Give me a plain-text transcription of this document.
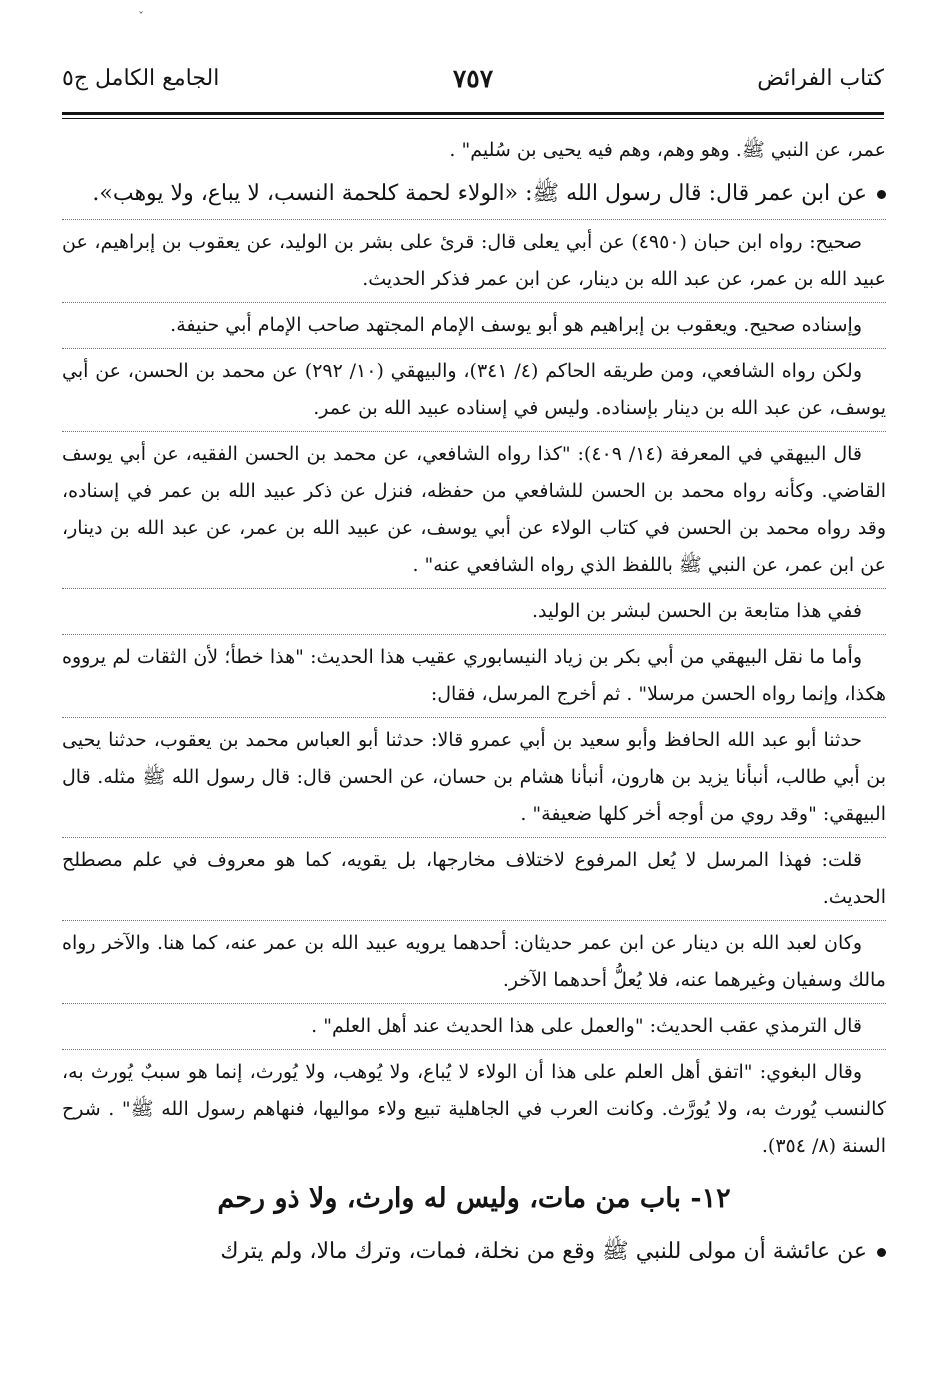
ˇ
كتاب الفرائض
٧٥٧
الجامع الكامل ج٥

عمر، عن النبي ﷺ. وهو وهم، وهم فيه يحيى بن سُليم" .

عن ابن عمر قال: قال رسول الله ﷺ: «الولاء لحمة كلحمة النسب، لا يباع، ولا يوهب».

صحيح: رواه ابن حبان (٤٩٥٠) عن أبي يعلى قال: قرئ على بشر بن الوليد، عن يعقوب بن إبراهيم، عن عبيد الله بن عمر، عن عبد الله بن دينار، عن ابن عمر فذكر الحديث.

وإسناده صحيح. ويعقوب بن إبراهيم هو أبو يوسف الإمام المجتهد صاحب الإمام أبي حنيفة.

ولكن رواه الشافعي، ومن طريقه الحاكم (٤/ ٣٤١)، والبيهقي (١٠/ ٢٩٢) عن محمد بن الحسن، عن أبي يوسف، عن عبد الله بن دينار بإسناده. وليس في إسناده عبيد الله بن عمر.

قال البيهقي في المعرفة (١٤/ ٤٠٩): "كذا رواه الشافعي، عن محمد بن الحسن الفقيه، عن أبي يوسف القاضي. وكأنه رواه محمد بن الحسن للشافعي من حفظه، فنزل عن ذكر عبيد الله بن عمر في إسناده، وقد رواه محمد بن الحسن في كتاب الولاء عن أبي يوسف، عن عبيد الله بن عمر، عن عبد الله بن دينار، عن ابن عمر، عن النبي ﷺ باللفظ الذي رواه الشافعي عنه" .

ففي هذا متابعة بن الحسن لبشر بن الوليد.

وأما ما نقل البيهقي من أبي بكر بن زياد النيسابوري عقيب هذا الحديث: "هذا خطأ؛ لأن الثقات لم يرووه هكذا، وإنما رواه الحسن مرسلا" . ثم أخرج المرسل، فقال:

حدثنا أبو عبد الله الحافظ وأبو سعيد بن أبي عمرو قالا: حدثنا أبو العباس محمد بن يعقوب، حدثنا يحيى بن أبي طالب، أنبأنا يزيد بن هارون، أنبأنا هشام بن حسان، عن الحسن قال: قال رسول الله ﷺ مثله. قال البيهقي: "وقد روي من أوجه أخر كلها ضعيفة" .

قلت: فهذا المرسل لا يُعل المرفوع لاختلاف مخارجها، بل يقويه، كما هو معروف في علم مصطلح الحديث.

وكان لعبد الله بن دينار عن ابن عمر حديثان: أحدهما يرويه عبيد الله بن عمر عنه، كما هنا. والآخر رواه مالك وسفيان وغيرهما عنه، فلا يُعلُّ أحدهما الآخر.

قال الترمذي عقب الحديث: "والعمل على هذا الحديث عند أهل العلم" .

وقال البغوي: "اتفق أهل العلم على هذا أن الولاء لا يُباع، ولا يُوهب، ولا يُورث، إنما هو سببٌ يُورث به، كالنسب يُورث به، ولا يُورَّث. وكانت العرب في الجاهلية تبيع ولاء مواليها، فنهاهم رسول الله ﷺ" . شرح السنة (٨/ ٣٥٤).

١٢- باب من مات، وليس له وارث، ولا ذو رحم

عن عائشة أن مولى للنبي ﷺ وقع من نخلة، فمات، وترك مالا، ولم يترك
